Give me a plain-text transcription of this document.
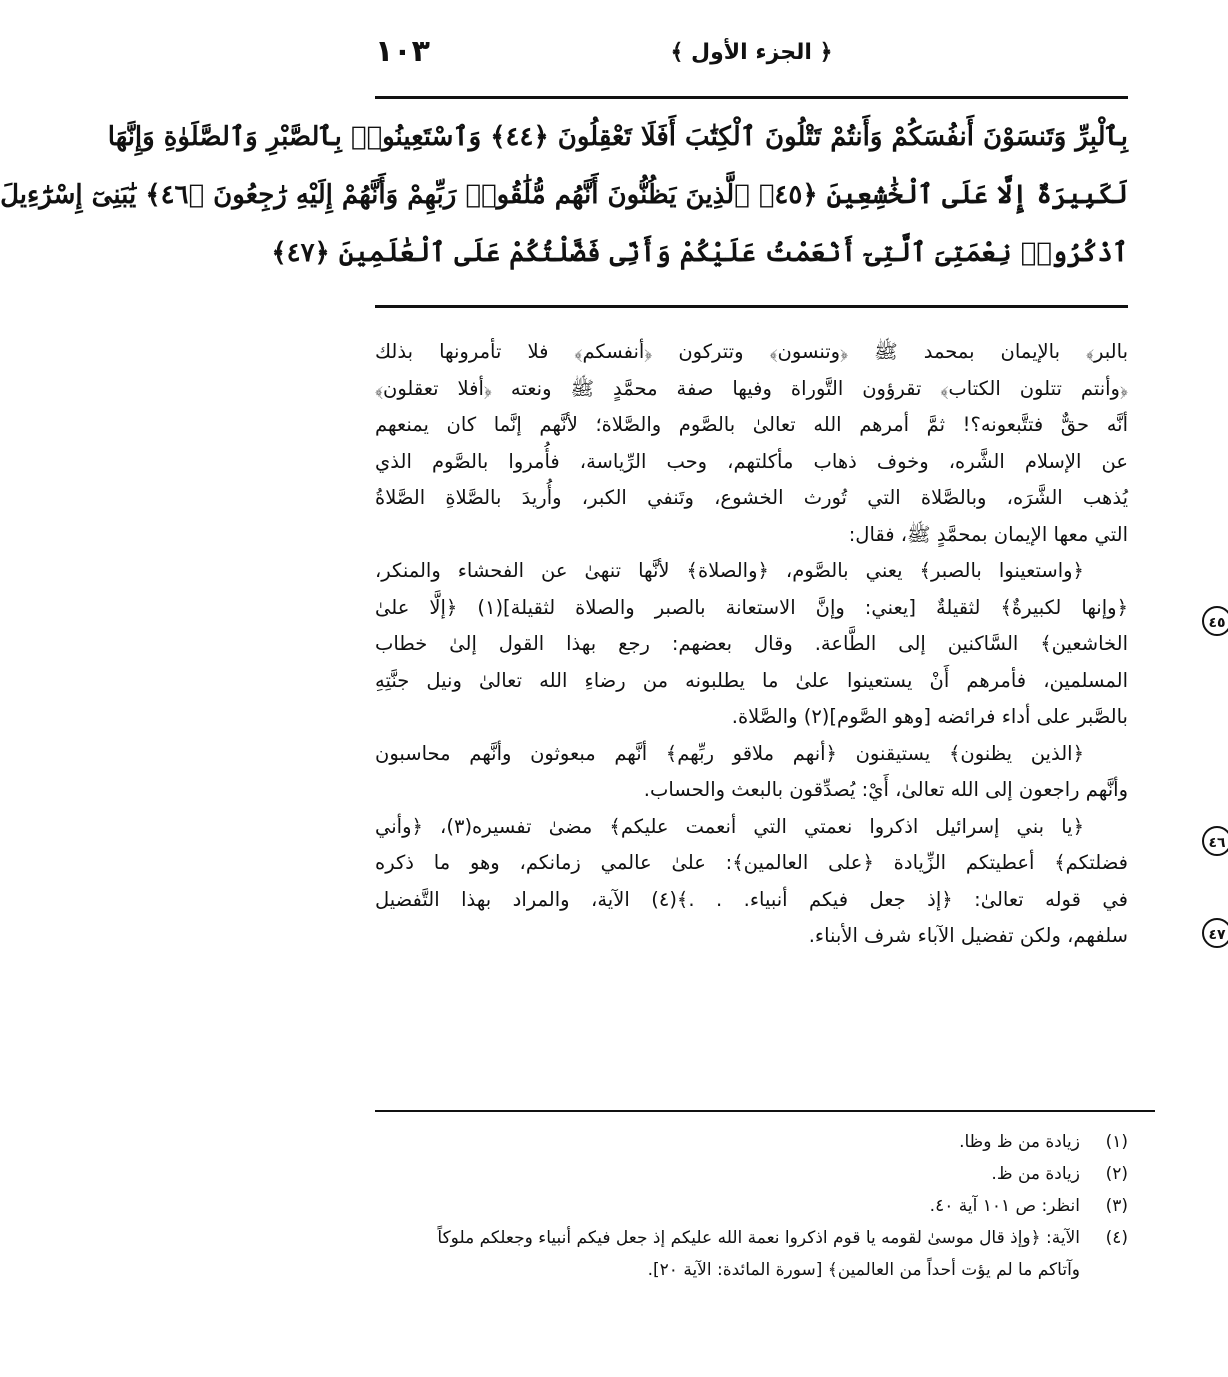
١٠٣	﴿ الجزء الأول ﴾
بِٱلْبِرِّ وَتَنسَوْنَ أَنفُسَكُمْ وَأَنتُمْ تَتْلُونَ ٱلْكِتَٰبَ أَفَلَا تَعْقِلُونَ ﴿٤٤﴾ وَٱسْتَعِينُوا۟ بِٱلصَّبْرِ وَٱلصَّلَوٰةِ وَإِنَّهَا
لَكَبِيرَةٌ إِلَّا عَلَى ٱلْخَٰشِعِينَ ﴿٤٥﴾ ٱلَّذِينَ يَظُنُّونَ أَنَّهُم مُّلَٰقُوا۟ رَبِّهِمْ وَأَنَّهُمْ إِلَيْهِ رَٰجِعُونَ ﴿٤٦﴾ يَٰبَنِىٓ إِسْرَٰٓءِيلَ
ٱذْكُرُوا۟ نِعْمَتِىَ ٱلَّتِىٓ أَنْعَمْتُ عَلَيْكُمْ وَأَنِّى فَضَّلْتُكُمْ عَلَى ٱلْعَٰلَمِينَ ﴿٤٧﴾
بالبر﴾ بالإيمان بمحمد ﷺ ﴿وتنسون﴾ وتتركون ﴿أنفسكم﴾ فلا تأمرونها بذلك
﴿وأنتم تتلون الكتاب﴾ تقرؤون التَّوراة وفيها صفة محمَّدٍ ﷺ ونعته ﴿أفلا تعقلون﴾
أنَّه حقٌّ فتتَّبعونه؟! ثمَّ أمرهم الله تعالىٰ بالصَّوم والصَّلاة؛ لأنَّهم إنَّما كان يمنعهم
عن الإسلام الشَّره، وخوف ذهاب مأكلتهم، وحب الرِّياسة، فأُمروا بالصَّوم الذي
يُذهب الشَّرَه، وبالصَّلاة التي تُورث الخشوع، وتَنفي الكبر، وأُريدَ بالصَّلاةِ الصَّلاةُ
التي معها الإيمان بمحمَّدٍ ﷺ، فقال:
﴿واستعينوا بالصبر﴾ يعني بالصَّوم، ﴿والصلاة﴾ لأنَّها تنهىٰ عن الفحشاء والمنكر،
﴿وإنها لكبيرةٌ﴾ لثقيلةٌ [يعني: وإنَّ الاستعانة بالصبر والصلاة لثقيلة](١) ﴿إلَّا علىٰ
الخاشعين﴾ السَّاكنين إلى الطَّاعة. وقال بعضهم: رجع بهذا القول إلىٰ خطاب
المسلمين، فأمرهم أَنْ يستعينوا علىٰ ما يطلبونه من رضاءِ الله تعالىٰ ونيل جنَّتِهِ
بالصَّبر على أداء فرائضه [وهو الصَّوم](٢) والصَّلاة.
﴿الذين يظنون﴾ يستيقنون ﴿أنهم ملاقو ربِّهم﴾ أنَّهم مبعوثون وأنَّهم محاسبون
وأنَّهم راجعون إلى الله تعالىٰ، أَيْ: يُصدِّقون بالبعث والحساب.
﴿يا بني إسرائيل اذكروا نعمتي التي أنعمت عليكم﴾ مضىٰ تفسيره(٣)، ﴿وأني
فضلتكم﴾ أعطيتكم الزِّيادة ﴿على العالمين﴾: علىٰ عالمي زمانكم، وهو ما ذكره
في قوله تعالىٰ: ﴿إذ جعل فيكم أنبياء. . .﴾(٤) الآية، والمراد بهذا التَّفضيل
سلفهم، ولكن تفضيل الآباء شرف الأبناء.
٤٥
٤٦
٤٧
(١)
زيادة من ظ وظا.
(٢)
زيادة من ظ.
(٣)
انظر: ص ١٠١ آية ٤٠.
(٤)
الآية: ﴿وإذ قال موسىٰ لقومه يا قوم اذكروا نعمة الله عليكم إذ جعل فيكم أنبياء وجعلكم ملوكاً
وآتاكم ما لم يؤت أحداً من العالمين﴾ [سورة المائدة: الآية ٢٠].
